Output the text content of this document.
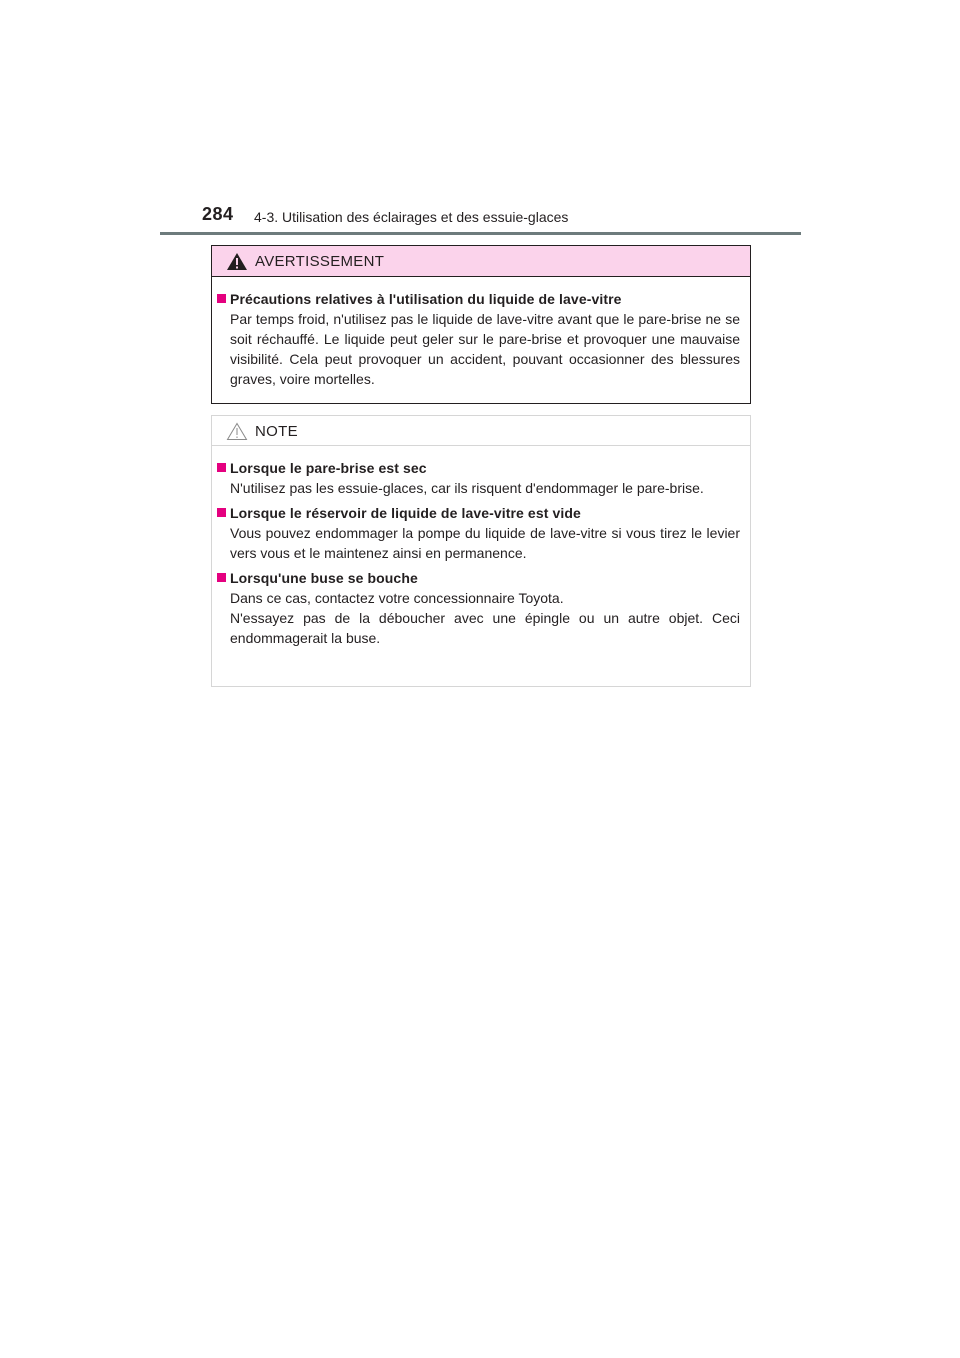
284 4-3. Utilisation des éclairages et des essuie-glaces
AVERTISSEMENT
Précautions relatives à l'utilisation du liquide de lave-vitre

Par temps froid, n'utilisez pas le liquide de lave-vitre avant que le pare-brise ne se soit réchauffé. Le liquide peut geler sur le pare-brise et provoquer une mauvaise visibilité. Cela peut provoquer un accident, pouvant occasionner des blessures graves, voire mortelles.

NOTE
Lorsque le pare-brise est sec

N'utilisez pas les essuie-glaces, car ils risquent d'endommager le pare-brise.

Lorsque le réservoir de liquide de lave-vitre est vide

Vous pouvez endommager la pompe du liquide de lave-vitre si vous tirez le levier vers vous et le maintenez ainsi en permanence.

Lorsqu'une buse se bouche

Dans ce cas, contactez votre concessionnaire Toyota.

N'essayez pas de la déboucher avec une épingle ou un autre objet. Ceci endommagerait la buse.
